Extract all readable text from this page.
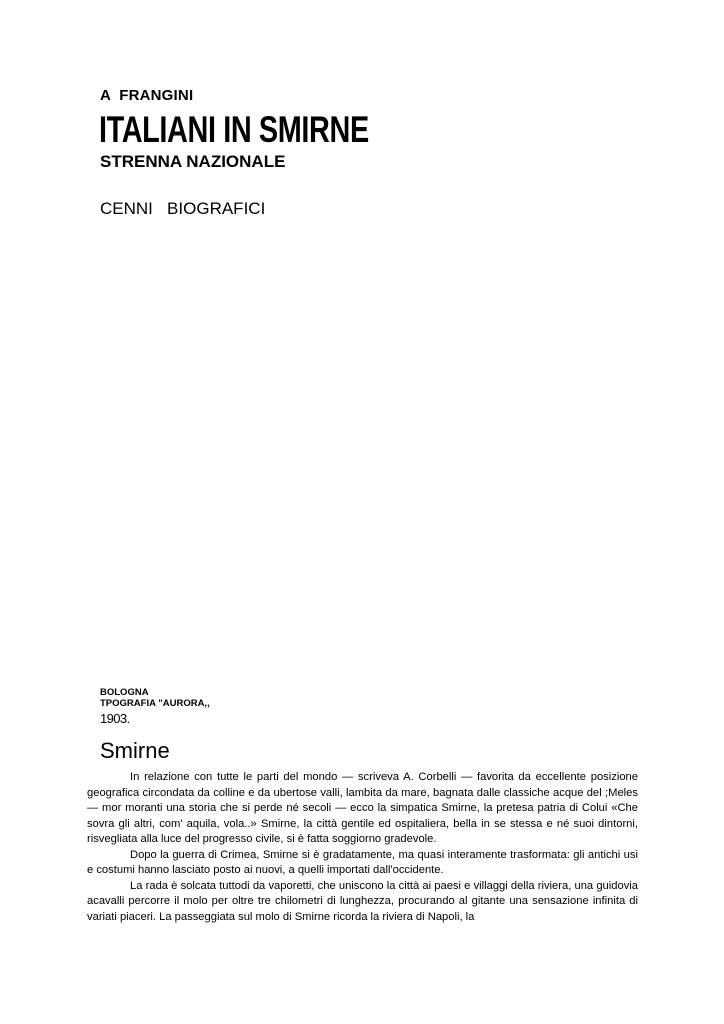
A  FRANGINI
ITALIANI IN SMIRNE
STRENNA NAZIONALE
CENNI   BIOGRAFICI
BOLOGNA
TPOGRAFIA "AURORA,,
1903.
Smirne

In relazione con tutte le parti del mondo — scriveva A. Corbelli — favorita da eccellente posizione geografica circondata da colline e da ubertose valli, lambita da mare, bagnata dalle classiche acque del ;Meles — mor moranti una storia che si perde né secoli — ecco la simpatica Smirne, la pretesa patria di Colui «Che sovra gli altri, com' aquila, vola..» Smirne, la città gentile ed ospitaliera, bella in se stessa e né suoi dintorni, risvegliata alla luce del progresso civile, si è fatta soggiorno gradevole.

Dopo la guerra di Crimea, Smirne si è gradatamente, ma quasi interamente trasformata: gli antichi usi e costumi hanno lasciato posto ai nuovi, a quelli importati dall'occidente.

La rada è solcata tuttodi da vaporetti, che uniscono la città ai paesi e villaggi della riviera, una guidovia acavalli percorre il molo per oltre tre chilometri di lunghezza, procurando al gitante una sensazione infinita di variati piaceri. La passeggiata sul molo di Smirne ricorda la riviera di Napoli, la
